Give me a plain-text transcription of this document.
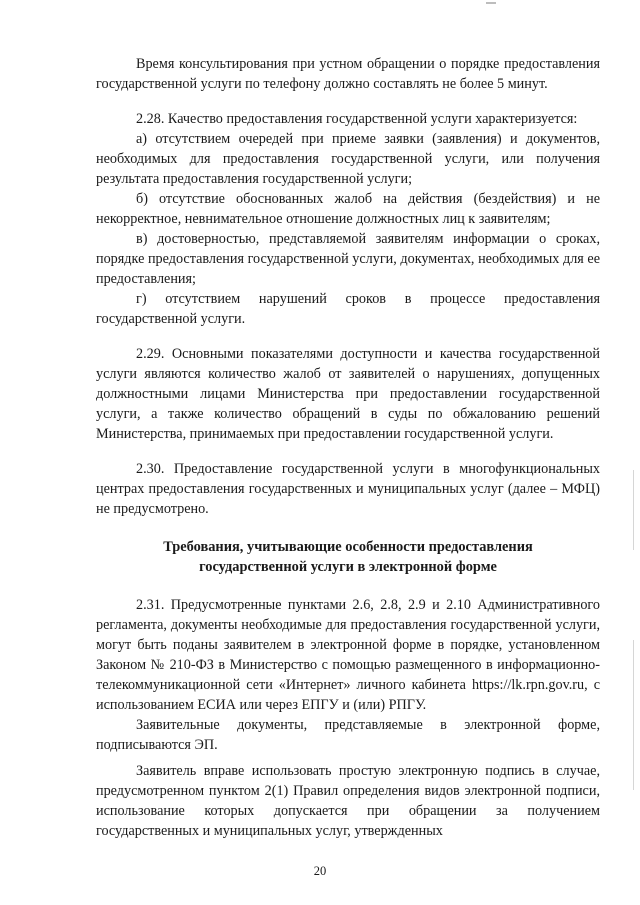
Время консультирования при устном обращении о порядке предоставления государственной услуги по телефону должно составлять не более 5 минут.

2.28. Качество предоставления государственной услуги характеризуется:

а) отсутствием очередей при приеме заявки (заявления) и документов, необходимых для предоставления государственной услуги, или получения результата предоставления государственной услуги;

б) отсутствие обоснованных жалоб на действия (бездействия) и не некорректное, невнимательное отношение должностных лиц к заявителям;

в) достоверностью, представляемой заявителям информации о сроках, порядке предоставления государственной услуги, документах, необходимых для ее предоставления;

г) отсутствием нарушений сроков в процессе предоставления государственной услуги.

2.29. Основными показателями доступности и качества государственной услуги являются количество жалоб от заявителей о нарушениях, допущенных должностными лицами Министерства при предоставлении государственной услуги, а также количество обращений в суды по обжалованию решений Министерства, принимаемых при предоставлении государственной услуги.

2.30. Предоставление государственной услуги в многофункциональных центрах предоставления государственных и муниципальных услуг (далее – МФЦ) не предусмотрено.

Требования, учитывающие особенности предоставления

государственной услуги в электронной форме

2.31. Предусмотренные пунктами 2.6, 2.8, 2.9 и 2.10 Административного регламента, документы необходимые для предоставления государственной услуги, могут быть поданы заявителем в электронной форме в порядке, установленном Законом № 210-ФЗ в Министерство с помощью размещенного в информационно-телекоммуникационной сети «Интернет» личного кабинета https://lk.rpn.gov.ru, с использованием ЕСИА или через ЕПГУ и (или) РПГУ.

Заявительные документы, представляемые в электронной форме, подписываются ЭП.

Заявитель вправе использовать простую электронную подпись в случае, предусмотренном пунктом 2(1) Правил определения видов электронной подписи, использование которых допускается при обращении за получением государственных и муниципальных услуг, утвержденных

20
